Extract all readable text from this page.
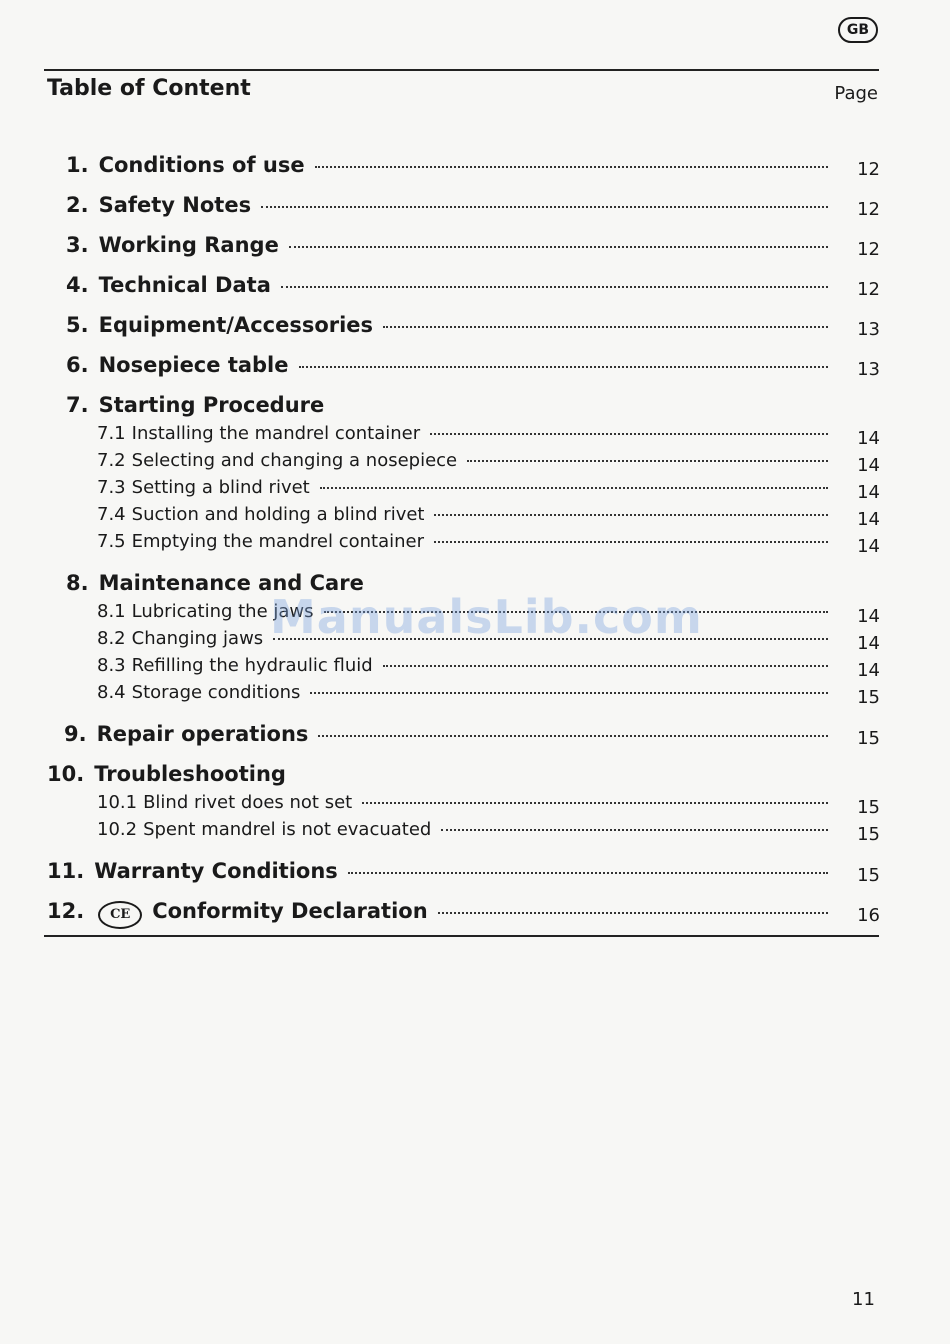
GB
Table of Content	Page
1. Conditions of use	12
2. Safety Notes	12
3. Working Range	12
4. Technical Data	12
5. Equipment/Accessories	13
6. Nosepiece table	13
7. Starting Procedure
7.1 Installing the mandrel container	14
7.2 Selecting and changing a nosepiece	14
7.3 Setting a blind rivet	14
7.4 Suction and holding a blind rivet	14
7.5 Emptying the mandrel container	14
8. Maintenance and Care
8.1 Lubricating the jaws	14
8.2 Changing jaws	14
8.3 Refilling the hydraulic fluid	14
8.4 Storage conditions	15
9. Repair operations	15
10. Troubleshooting
10.1 Blind rivet does not set	15
10.2 Spent mandrel is not evacuated	15
11. Warranty Conditions	15
12.	CE	Conformity Declaration	16
ManualsLib.com
11
